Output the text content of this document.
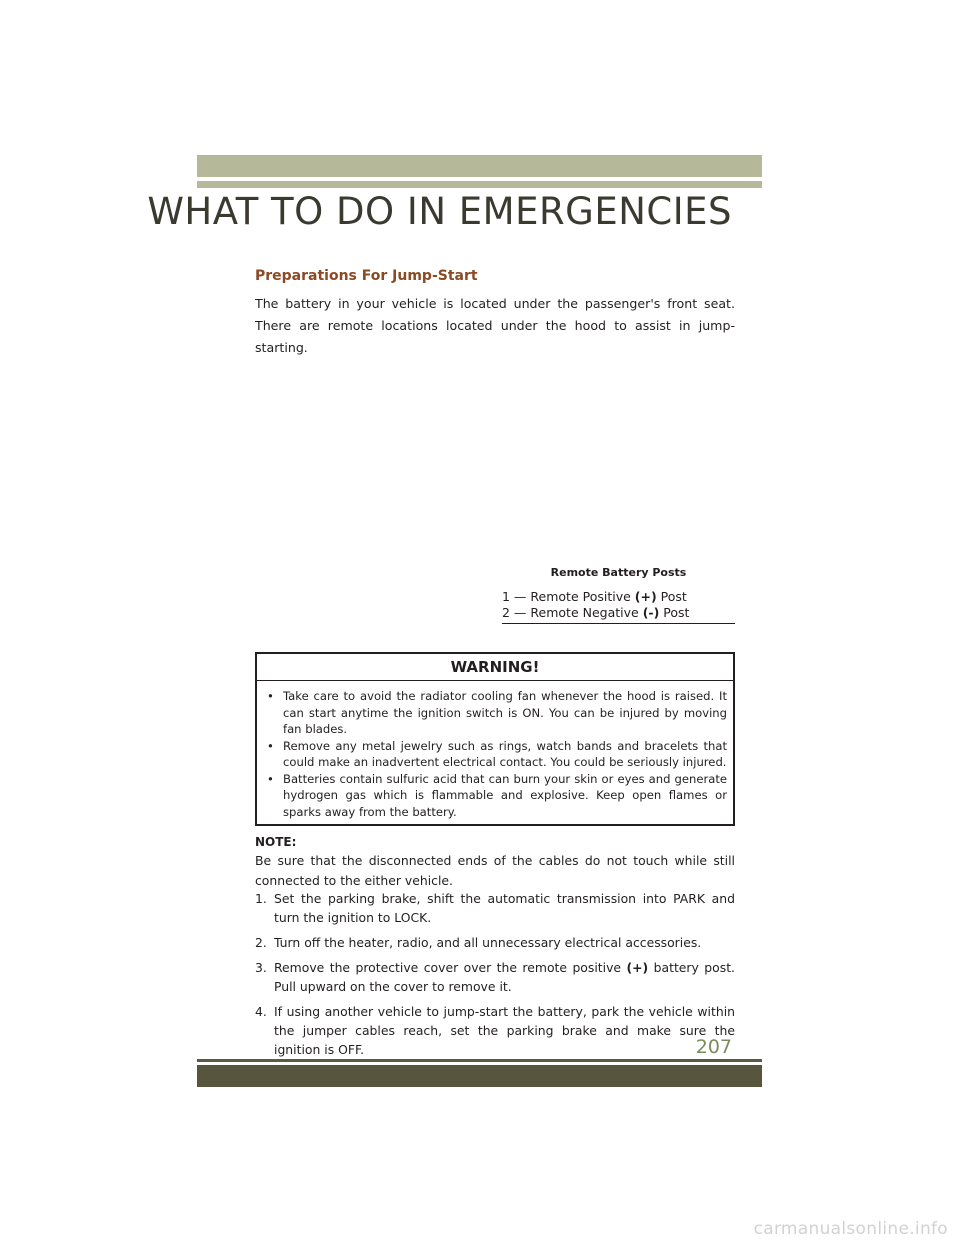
WHAT TO DO IN EMERGENCIES
Preparations For Jump-Start
The battery in your vehicle is located under the passenger's front seat. There are remote locations located under the hood to assist in jump-starting.
Remote Battery Posts
1 — Remote Positive (+) Post
2 — Remote Negative (-) Post
WARNING!
• Take care to avoid the radiator cooling fan whenever the hood is raised. It can start anytime the ignition switch is ON. You can be injured by moving fan blades.
• Remove any metal jewelry such as rings, watch bands and bracelets that could make an inadvertent electrical contact. You could be seriously injured.
• Batteries contain sulfuric acid that can burn your skin or eyes and generate hydrogen gas which is flammable and explosive. Keep open flames or sparks away from the battery.
NOTE:
Be sure that the disconnected ends of the cables do not touch while still connected to the either vehicle.
1. Set the parking brake, shift the automatic transmission into PARK and turn the ignition to LOCK.
2. Turn off the heater, radio, and all unnecessary electrical accessories.
3. Remove the protective cover over the remote positive (+) battery post. Pull upward on the cover to remove it.
4. If using another vehicle to jump-start the battery, park the vehicle within the jumper cables reach, set the parking brake and make sure the ignition is OFF.	207
carmanualsonline.info
